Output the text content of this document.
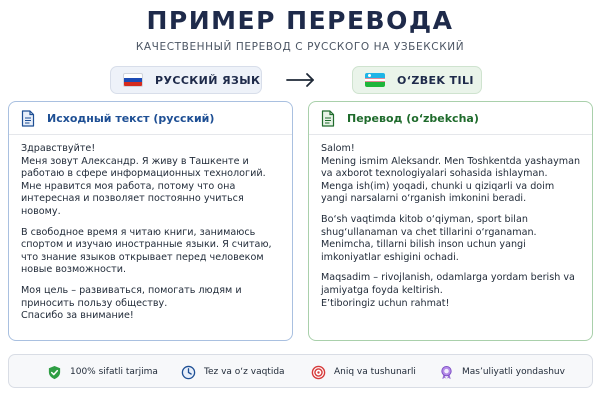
ПРИМЕР ПЕРЕВОДА
КАЧЕСТВЕННЫЙ ПЕРЕВОД С РУССКОГО НА УЗБЕКСКИЙ
РУССКИЙ ЯЗЫК	O‘ZBEK TILI
Исходный текст (русский)

Здравствуйте!
Меня зовут Александр. Я живу в Ташкенте и работаю в сфере информационных технологий. Мне нравится моя работа, потому что она интересная и позволяет постоянно учиться новому.

В свободное время я читаю книги, занимаюсь спортом и изучаю иностранные языки. Я считаю, что знание языков открывает перед человеком новые возможности.

Моя цель – развиваться, помогать людям и приносить пользу обществу.
Спасибо за внимание!

Перевод (o‘zbekcha)

Salom!
Mening ismim Aleksandr. Men Toshkentda yashayman va axborot texnologiyalari sohasida ishlayman. Menga ish(im) yoqadi, chunki u qiziqarli va doim yangi narsalarni o‘rganish imkonini beradi.

Bo‘sh vaqtimda kitob o‘qiyman, sport bilan shug‘ullanaman va chet tillarini o‘rganaman. Menimcha, tillarni bilish inson uchun yangi imkoniyatlar eshigini ochadi.

Maqsadim – rivojlanish, odamlarga yordam berish va jamiyatga foyda keltirish.
E’tiboringiz uchun rahmat!

100% sifatli tarjima	Tez va o‘z vaqtida	Aniq va tushunarli	Mas’uliyatli yondashuv
